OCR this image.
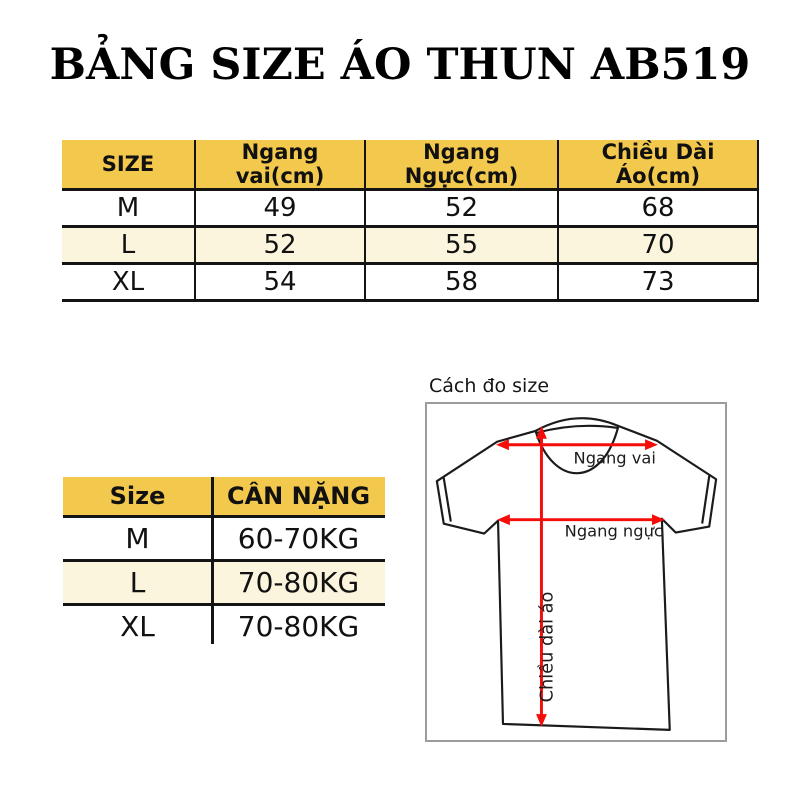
BẢNG SIZE ÁO THUN AB519
SIZE	Ngang vai(cm)	Ngang Ngực(cm)	Chiều Dài Áo(cm)
M	49	52	68
L	52	55	70
XL	54	58	73
Size	CÂN NẶNG
M	60-70KG
L	70-80KG
XL	70-80KG
Cách đo size
Ngang vai
Ngang ngực
Chiều dài áo
